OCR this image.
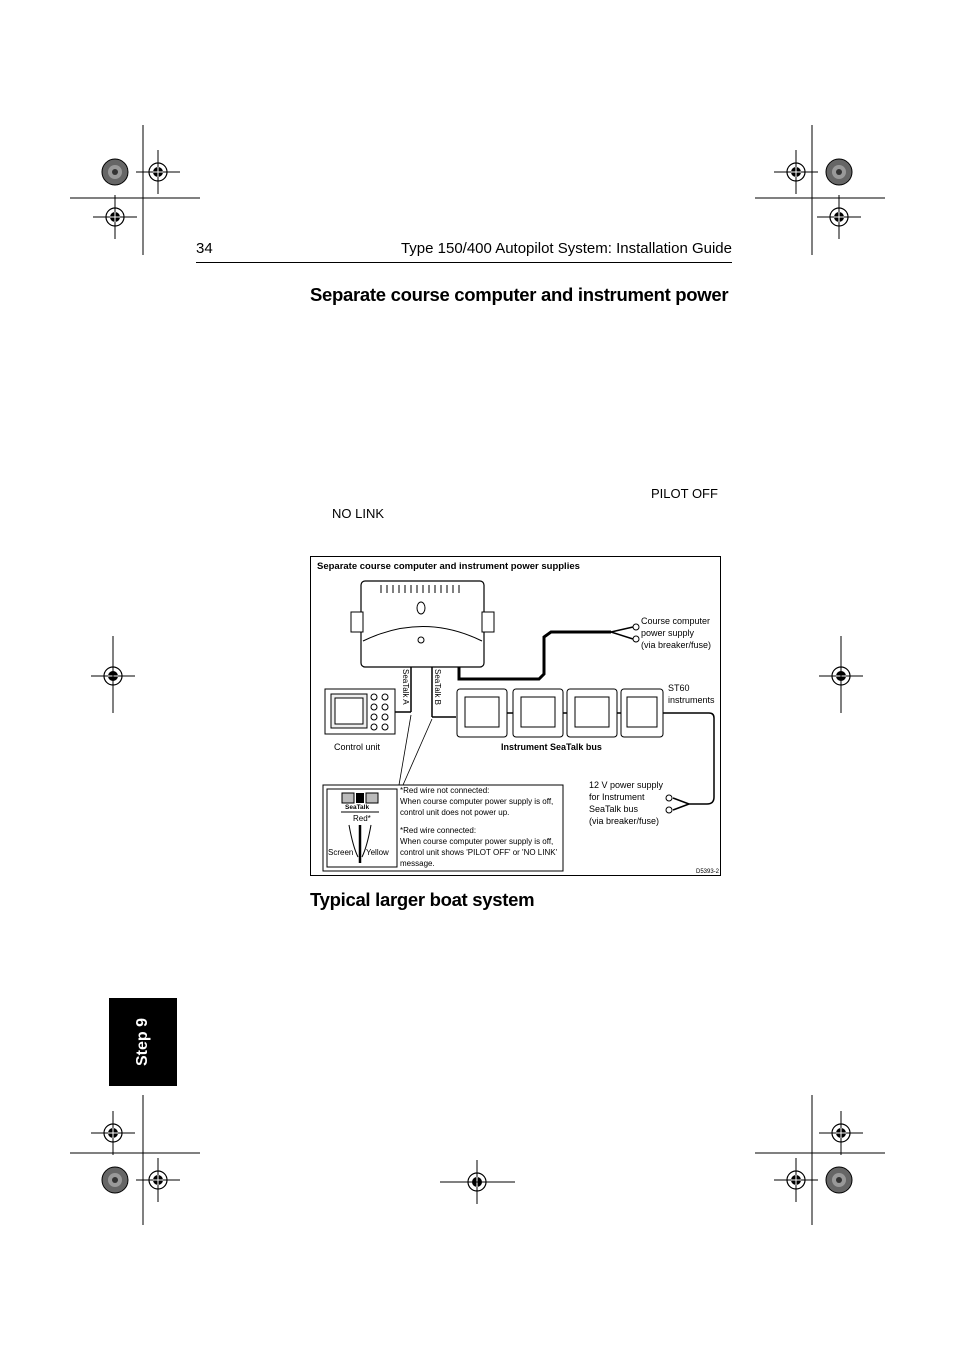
34	Type 150/400 Autopilot System: Installation Guide
Separate course computer and instrument power
PILOT OFF
NO LINK
Separate course computer and instrument power supplies
Course computer
power supply
(via breaker/fuse)
SeaTalk A	SeaTalk B
Control unit
ST60
instruments
Instrument SeaTalk bus
12 V power supply
for Instrument
SeaTalk bus
(via breaker/fuse)
SeaTalk
Red*
Screen Yellow
*Red wire not connected:
When course computer power supply is off,
control unit does not power up.
*Red wire connected:
When course computer power supply is off,
control unit shows 'PILOT OFF' or 'NO LINK'
message.
D5393-2
Typical larger boat system
Step 9
